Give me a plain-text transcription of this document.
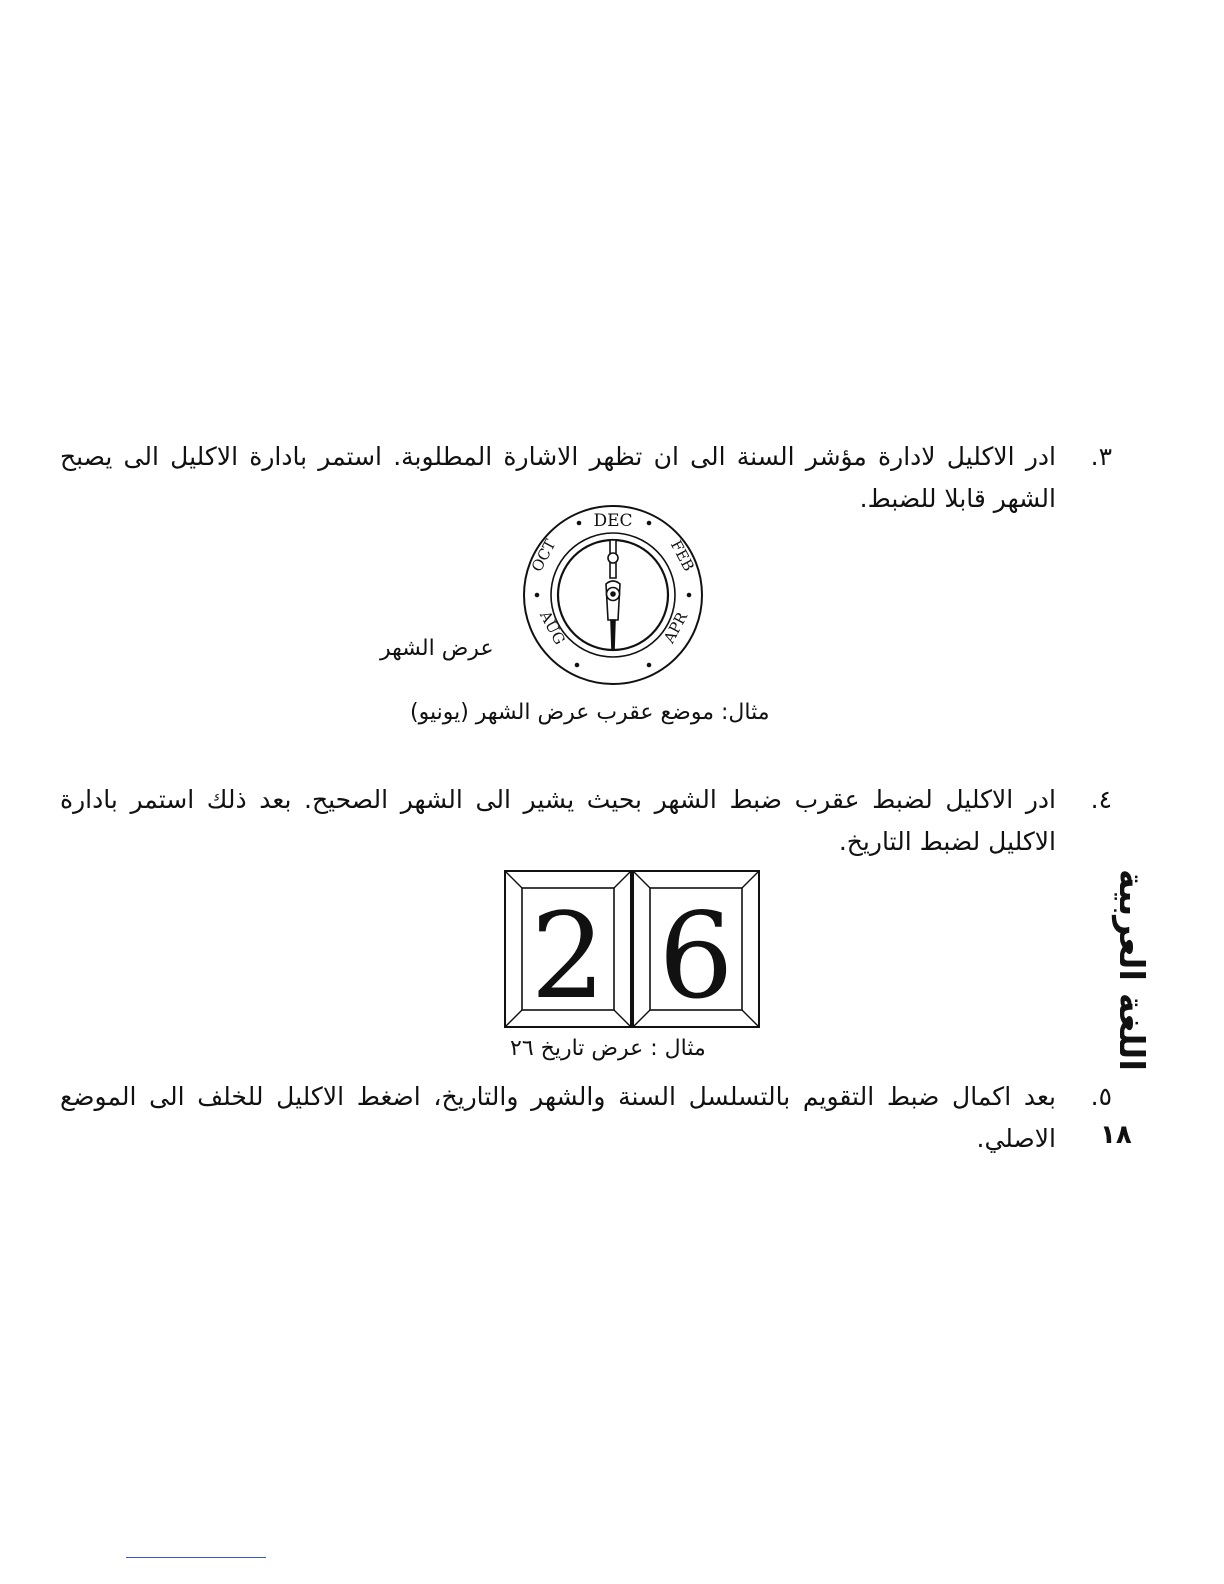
٣.
ادر الاكليل لادارة مؤشر السنة الى ان تظهر الاشارة المطلوبة. استمر بادارة الاكليل الى يصبح الشهر قابلا للضبط.
DEC
FEB
APR
AUG
OCT
عرض الشهر
مثال: موضع عقرب عرض الشهر (يونيو)
٤.
ادر الاكليل لضبط عقرب ضبط الشهر بحيث يشير الى الشهر الصحيح. بعد ذلك استمر بادارة الاكليل لضبط التاريخ.
2 6
مثال : عرض تاريخ ٢٦
٥.
بعد اكمال ضبط التقويم بالتسلسل السنة والشهر والتاريخ، اضغط الاكليل للخلف الى الموضع الاصلي.
اللغة العربية
١٨
